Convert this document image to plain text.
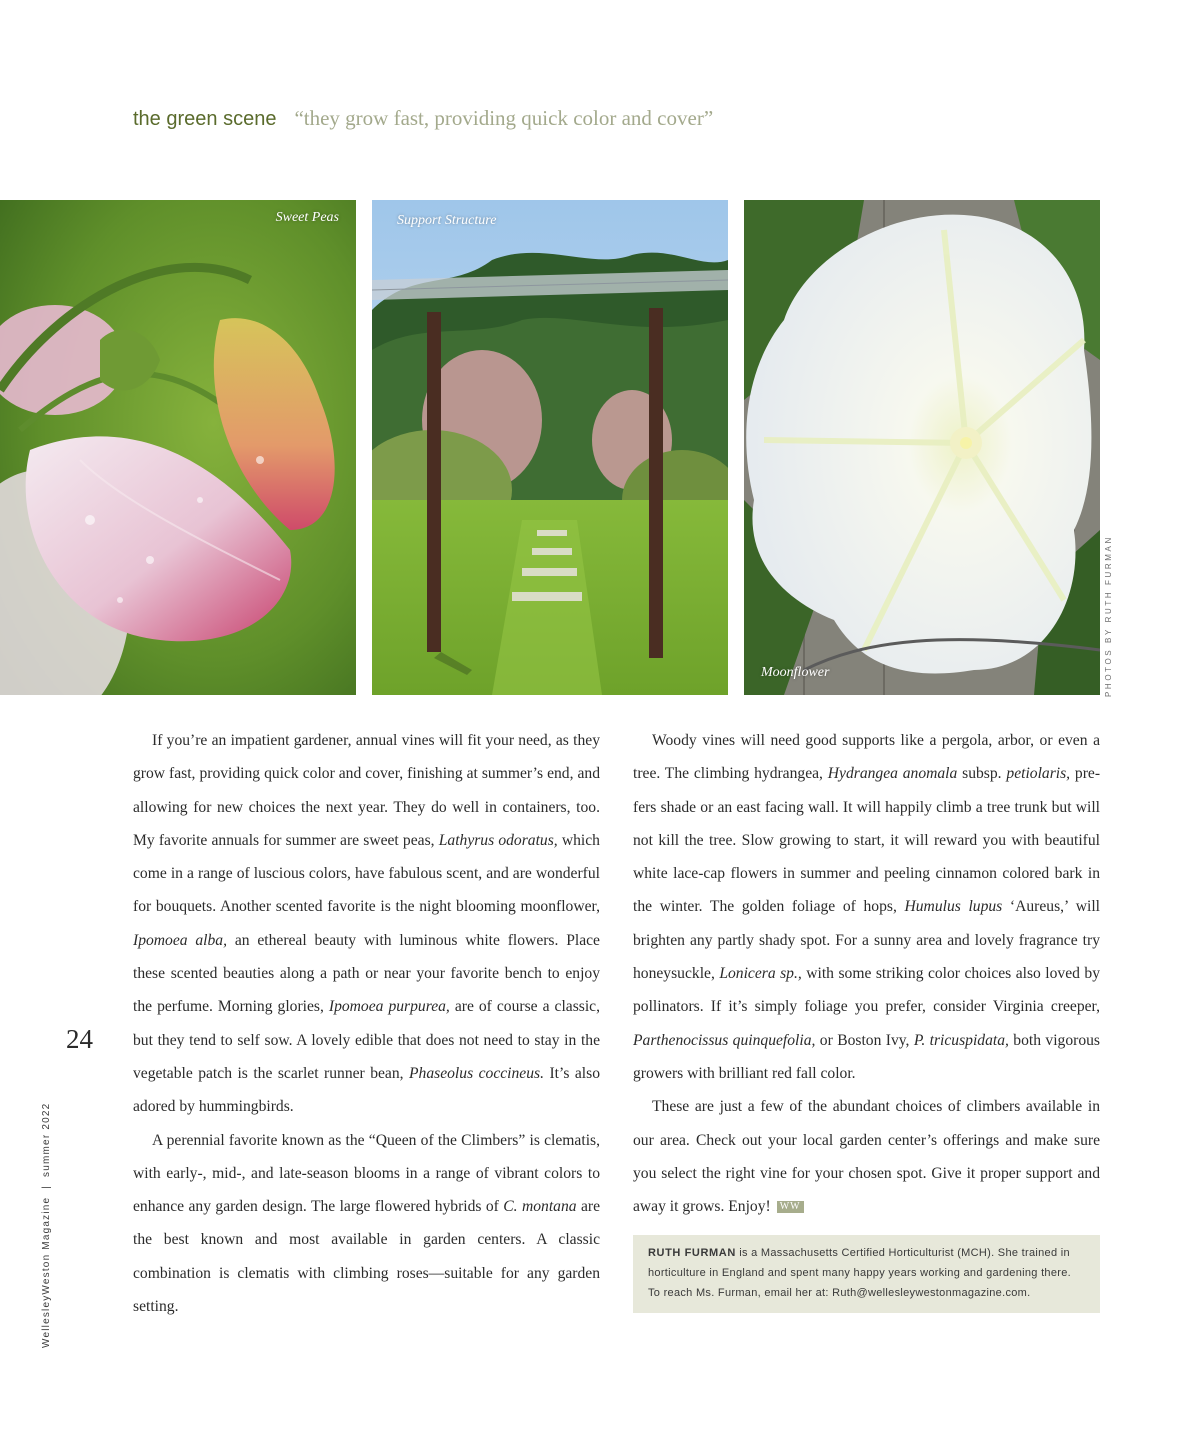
the green scene “they grow fast, providing quick color and cover”
Sweet Peas	Support Structure
Moonflower	PHOTOS BY RUTH FURMAN

If you’re an impatient gardener, annual vines will fit your need, as they grow fast, providing quick color and cover, finishing at summer’s end, and allowing for new choices the next year. They do well in containers, too. My favorite annuals for summer are sweet peas, Lathyrus odoratus, which come in a range of luscious colors, have fabulous scent, and are wonderful for bouquets. Another scented favorite is the night blooming moonflower, Ipomoea alba, an ethereal beauty with luminous white flowers. Place these scented beauties along a path or near your favorite bench to enjoy the perfume. Morning glories, Ipomoea purpurea, are of course a classic, but they tend to self sow. A lovely edible that does not need to stay in the vegetable patch is the scarlet runner bean, Phaseolus coccineus. It’s also adored by hummingbirds.

A perennial favorite known as the “Queen of the Climbers” is clematis, with early-, mid-, and late-season blooms in a range of vibrant colors to enhance any garden design. The large flowered hybrids of C. montana are the best known and most available in garden centers. A classic combination is clematis with climbing roses—suitable for any garden setting.

Woody vines will need good supports like a pergola, arbor, or even a tree. The climbing hydrangea, Hydrangea anomala subsp. petiolaris, prefers shade or an east facing wall. It will happily climb a tree trunk but will not kill the tree. Slow growing to start, it will reward you with beautiful white lace-cap flowers in summer and peeling cinnamon colored bark in the winter. The golden foliage of hops, Humulus lupus ‘Aureus,’ will brighten any partly shady spot. For a sunny area and lovely fragrance try honeysuckle, Lonicera sp., with some striking color choices also loved by pollinators. If it’s simply foliage you prefer, consider Virginia creeper, Parthenocissus quinquefolia, or Boston Ivy, P. tricuspidata, both vigorous growers with brilliant red fall color.

These are just a few of the abundant choices of climbers available in our area. Check out your local garden center’s offerings and make sure you select the right vine for your chosen spot. Give it proper support and away it grows. Enjoy! WW

RUTH FURMAN is a Massachusetts Certified Horticulturist (MCH). She trained in horticulture in England and spent many happy years working and gardening there. To reach Ms. Furman, email her at: Ruth@wellesleywestonmagazine.com.
WellesleyWeston Magazine  |  summer 2022
24
